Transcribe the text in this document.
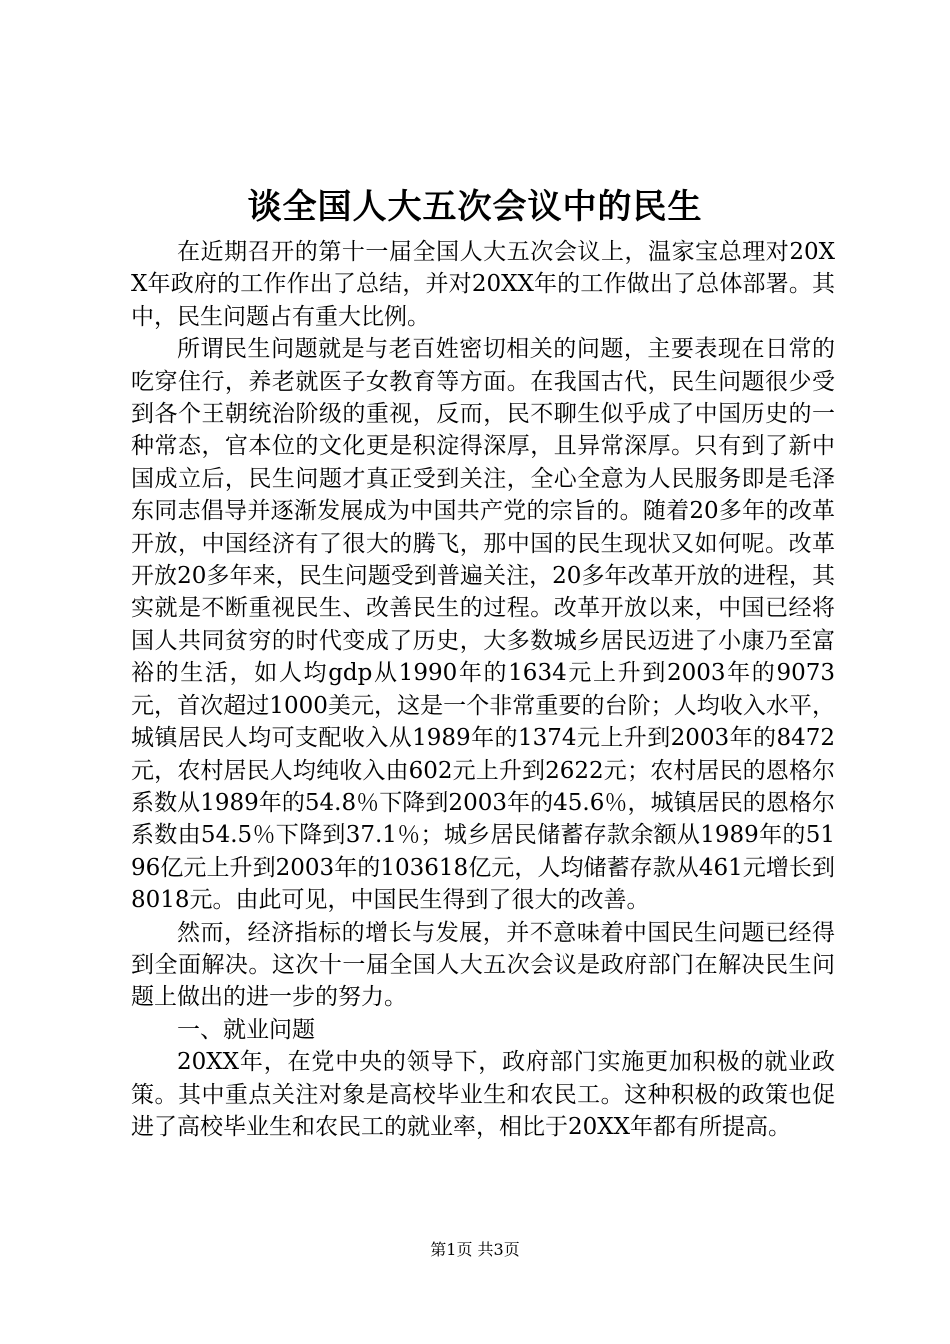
谈全国人大五次会议中的民生

在近期召开的第十一届全国人大五次会议上，温家宝总理对20XX年政府的工作作出了总结，并对20XX年的工作做出了总体部署。其中，民生问题占有重大比例。

所谓民生问题就是与老百姓密切相关的问题，主要表现在日常的吃穿住行，养老就医子女教育等方面。在我国古代，民生问题很少受到各个王朝统治阶级的重视，反而，民不聊生似乎成了中国历史的一种常态，官本位的文化更是积淀得深厚，且异常深厚。只有到了新中国成立后，民生问题才真正受到关注，全心全意为人民服务即是毛泽东同志倡导并逐渐发展成为中国共产党的宗旨的。随着20多年的改革开放，中国经济有了很大的腾飞，那中国的民生现状又如何呢。改革开放20多年来，民生问题受到普遍关注，20多年改革开放的进程，其实就是不断重视民生、改善民生的过程。改革开放以来，中国已经将国人共同贫穷的时代变成了历史，大多数城乡居民迈进了小康乃至富裕的生活，如人均gdp从1990年的1634元上升到2003年的9073元，首次超过1000美元，这是一个非常重要的台阶；人均收入水平，城镇居民人均可支配收入从1989年的1374元上升到2003年的8472元，农村居民人均纯收入由602元上升到2622元；农村居民的恩格尔系数从1989年的54.8％下降到2003年的45.6％，城镇居民的恩格尔系数由54.5％下降到37.1％；城乡居民储蓄存款余额从1989年的5196亿元上升到2003年的103618亿元，人均储蓄存款从461元增长到8018元。由此可见，中国民生得到了很大的改善。

然而，经济指标的增长与发展，并不意味着中国民生问题已经得到全面解决。这次十一届全国人大五次会议是政府部门在解决民生问题上做出的进一步的努力。

一、就业问题

20XX年，在党中央的领导下，政府部门实施更加积极的就业政策。其中重点关注对象是高校毕业生和农民工。这种积极的政策也促进了高校毕业生和农民工的就业率，相比于20XX年都有所提高。

第1页 共3页
